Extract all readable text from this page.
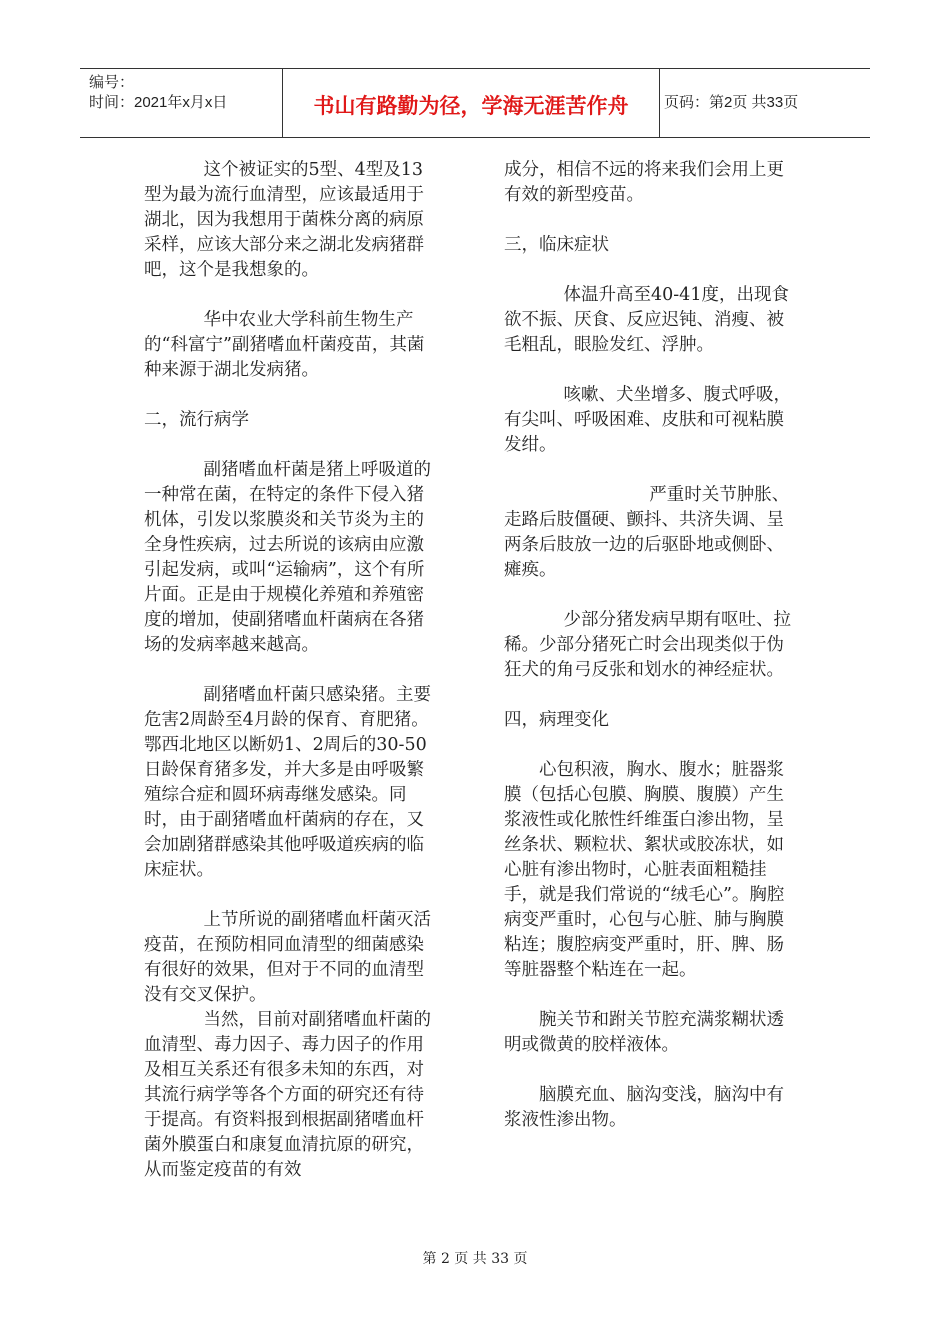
编号：
时间：2021年x月x日	书山有路勤为径，学海无涯苦作舟	页码：第2页 共33页

这个被证实的5型、4型及13型为最为流行血清型，应该最适用于湖北，因为我想用于菌株分离的病原采样，应该大部分来之湖北发病猪群吧，这个是我想象的。

华中农业大学科前生物生产的“科富宁”副猪嗜血杆菌疫苗，其菌种来源于湖北发病猪。

二，流行病学

副猪嗜血杆菌是猪上呼吸道的一种常在菌，在特定的条件下侵入猪机体，引发以浆膜炎和关节炎为主的全身性疾病，过去所说的该病由应激引起发病，或叫“运输病”，这个有所片面。正是由于规模化养殖和养殖密度的增加，使副猪嗜血杆菌病在各猪场的发病率越来越高。

副猪嗜血杆菌只感染猪。主要危害2周龄至4月龄的保育、育肥猪。鄂西北地区以断奶1、2周后的30-50日龄保育猪多发，并大多是由呼吸繁殖综合症和圆环病毒继发感染。同时，由于副猪嗜血杆菌病的存在，又会加剧猪群感染其他呼吸道疾病的临床症状。

上节所说的副猪嗜血杆菌灭活疫苗，在预防相同血清型的细菌感染有很好的效果，但对于不同的血清型没有交叉保护。

当然，目前对副猪嗜血杆菌的血清型、毒力因子、毒力因子的作用及相互关系还有很多未知的东西，对其流行病学等各个方面的研究还有待于提高。有资料报到根据副猪嗜血杆菌外膜蛋白和康复血清抗原的研究，从而鉴定疫苗的有效

成分，相信不远的将来我们会用上更有效的新型疫苗。

三，临床症状

体温升高至40-41度，出现食欲不振、厌食、反应迟钝、消瘦、被毛粗乱，眼脸发红、浮肿。

咳嗽、犬坐增多、腹式呼吸，有尖叫、呼吸困难、皮肤和可视粘膜发绀。

严重时关节肿胀、走路后肢僵硬、颤抖、共济失调、呈两条后肢放一边的后驱卧地或侧卧、瘫痪。

少部分猪发病早期有呕吐、拉稀。少部分猪死亡时会出现类似于伪狂犬的角弓反张和划水的神经症状。

四，病理变化

心包积液，胸水、腹水；脏器浆膜（包括心包膜、胸膜、腹膜）产生浆液性或化脓性纤维蛋白渗出物，呈丝条状、颗粒状、絮状或胶冻状，如心脏有渗出物时，心脏表面粗糙挂手，就是我们常说的“绒毛心”。胸腔病变严重时，心包与心脏、肺与胸膜粘连；腹腔病变严重时，肝、脾、肠等脏器整个粘连在一起。

腕关节和跗关节腔充满浆糊状透明或微黄的胶样液体。

脑膜充血、脑沟变浅，脑沟中有浆液性渗出物。

第 2 页 共 33 页
